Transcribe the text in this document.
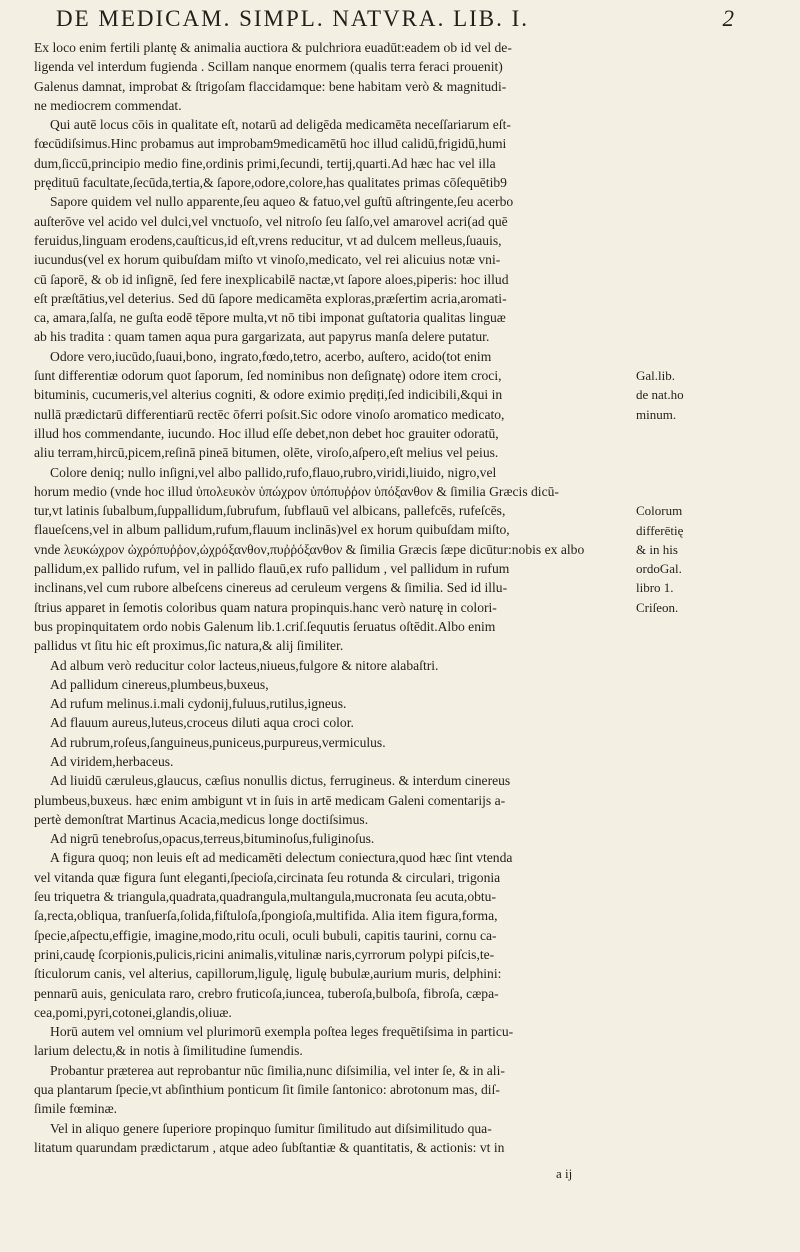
DE MEDICAM. SIMPL. NATVRA. LIB. I.	2
Ex loco enim fertili plantę & animalia auctiora & pulchriora euadūt:eadem ob id vel de-
ligenda vel interdum fugienda . Scillam nanque enormem (qualis terra feraci prouenit)
Galenus damnat, improbat & ſtrigoſam flaccidamque: bene habitam verò & magnitudi-
ne mediocrem commendat.
Qui autē locus cōis in qualitate eſt, notarū ad deligēda medicamēta neceſſariarum eſt-
fœcūdiſsimus.Hinc probamus aut improbam9medicamētū hoc illud calidū,frigidū,humi
dum,ſiccū,principio medio fine,ordinis primi,ſecundi, tertij,quarti.Ad hæc hac vel illa
prędituū facultate,ſecūda,tertia,& ſapore,odore,colore,has qualitates primas cōſequētib9
Sapore quidem vel nullo apparente,ſeu aqueo & fatuo,vel guſtū aſtringente,ſeu acerbo
auſterōve vel acido vel dulci,vel vnctuoſo, vel nitroſo ſeu ſalſo,vel amarovel acri(ad quē
feruidus,linguam erodens,cauſticus,id eſt,vrens reducitur, vt ad dulcem melleus,ſuauis,
iucundus(vel ex horum quibuſdam miſto vt vinoſo,medicato, vel rei alicuius notæ vni-
cū ſaporē, & ob id inſignē, ſed fere inexplicabilē nactæ,vt ſapore aloes,piperis: hoc illud
eſt præſtātius,vel deterius. Sed dū ſapore medicamēta exploras,præſertim acria,aromati-
ca, amara,ſalſa, ne guſta eodē tēpore multa,vt nō tibi imponat guſtatoria qualitas linguæ
ab his tradita : quam tamen aqua pura gargarizata, aut papyrus manſa delere putatur.
Odore vero,iucūdo,ſuaui,bono, ingrato,fœdo,tetro, acerbo, auſtero, acido(tot enim
ſunt differentiæ odorum quot ſaporum, ſed nominibus non deſignatę) odore item croci,
bituminis, cucumeris,vel alterius cogniti, & odore eximio prędiți,ſed indicibili,&qui in
nullā prædictarū differentiarū rectēc ōferri poſsit.Sic odore vinoſo aromatico medicato,
illud hos commendante, iucundo. Hoc illud eſſe debet,non debet hoc grauiter odoratū,
aliu terram,hircū,picem,reſinā pineā bitumen, olēte, viroſo,aſpero,eſt melius vel peius.
Colore deniq; nullo inſigni,vel albo pallido,rufo,flauo,rubro,viridi,liuido, nigro,vel
horum medio (vnde hoc illud ὑπολευκὸν ὑπώχρον ὑπόπυῤῥον ὑπόξανθον & ſimilia Græcis dicū-
tur,vt latinis ſubalbum,ſuppallidum,ſubrufum, ſubflauū vel albicans, pallefcēs, rufeſcēs,
flaueſcens,vel in album pallidum,rufum,flauum inclinās)vel ex horum quibuſdam miſto,
vnde λευκώχρον ὠχρόπυῤῥον,ὠχρόξανθον,πυῤῥόξανθον & ſimilia Græcis ſæpe dicūtur:nobis ex albo
pallidum,ex pallido rufum, vel in pallido flauū,ex rufo pallidum , vel pallidum in rufum
inclinans,vel cum rubore albeſcens cinereus ad ceruleum vergens & ſimilia. Sed id illu-
ſtrius apparet in ſemotis coloribus quam natura propinquis.hanc verò naturę in colori-
bus propinquitatem ordo nobis Galenum lib.1.criſ.ſequutis ſeruatus oſtēdit.Albo enim
pallidus vt ſitu hic eſt proximus,ſic natura,& alij ſimiliter.
Ad album verò reducitur color lacteus,niueus,fulgore & nitore alabaſtri.
Ad pallidum cinereus,plumbeus,buxeus,
Ad rufum melinus.i.mali cydonij,fuluus,rutilus,igneus.
Ad flauum aureus,luteus,croceus diluti aqua croci color.
Ad rubrum,roſeus,ſanguineus,puniceus,purpureus,vermiculus.
Ad viridem,herbaceus.
Ad liuidū cæruleus,glaucus, cæſius nonullis dictus, ferrugineus. & interdum cinereus
plumbeus,buxeus. hæc enim ambigunt vt in ſuis in artē medicam Galeni comentarijs a-
pertè demonſtrat Martinus Acacia,medicus longe doctiſsimus.
Ad nigrū tenebroſus,opacus,terreus,bituminoſus,fuliginoſus.
A figura quoq; non leuis eſt ad medicamēti delectum coniectura,quod hæc ſint vtenda
vel vitanda quæ figura ſunt eleganti,ſpecioſa,circinata ſeu rotunda & circulari, trigonia
ſeu triquetra & triangula,quadrata,quadrangula,multangula,mucronata ſeu acuta,obtu-
ſa,recta,obliqua, tranſuerſa,ſolida,fiſtuloſa,ſpongioſa,multifida. Alia item figura,forma,
ſpecie,aſpectu,effigie, imagine,modo,ritu oculi, oculi bubuli, capitis taurini, cornu ca-
prini,caudę ſcorpionis,pulicis,ricini animalis,vitulinæ naris,cyrrorum polypi piſcis,te-
ſticulorum canis, vel alterius, capillorum,ligulę, ligulę bubulæ,aurium muris, delphini:
pennarū auis, geniculata raro, crebro fruticoſa,iuncea, tuberoſa,bulboſa, fibroſa, cæpa-
cea,pomi,pyri,cotonei,glandis,oliuæ.
Horū autem vel omnium vel plurimorū exempla poſtea leges frequētiſsima in particu-
larium delectu,& in notis à ſimilitudine ſumendis.
Probantur præterea aut reprobantur nūc ſimilia,nunc diſsimilia, vel inter ſe, & in ali-
qua plantarum ſpecie,vt abſinthium ponticum ſit ſimile ſantonico: abrotonum mas, diſ-
ſimile fœminæ.
Vel in aliquo genere ſuperiore propinquo ſumitur ſimilitudo aut diſsimilitudo qua-
litatum quarundam prædictarum , atque adeo ſubſtantiæ & quantitatis, & actionis: vt in
Gal.lib.
de nat.ho
minum.
Colorum
differētię
& in his
ordoGal.
libro 1.
Criſeon.
a ij
